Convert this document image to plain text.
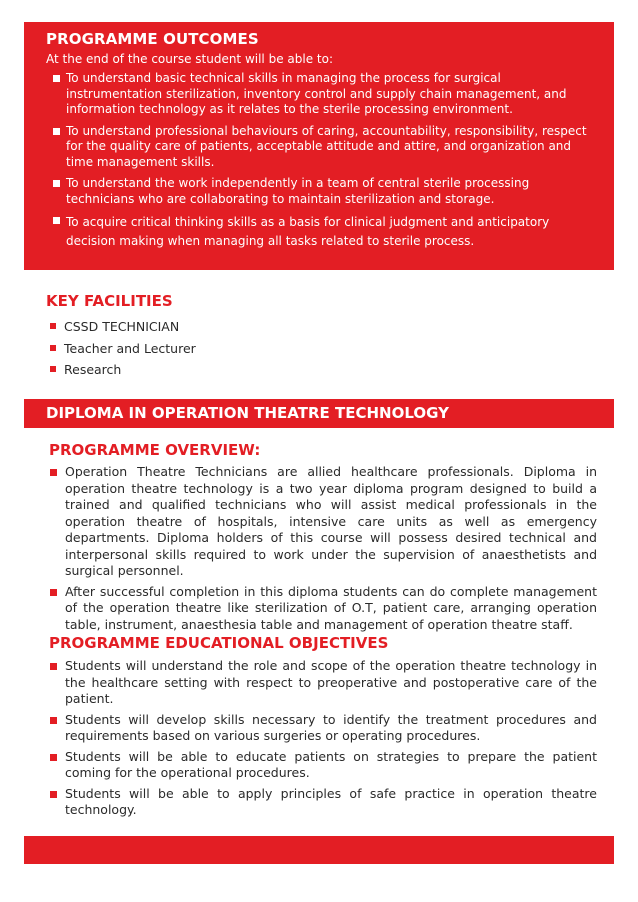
PROGRAMME OUTCOMES
At the end of the course student will be able to:
To understand basic technical skills in managing the process for surgical instrumentation sterilization, inventory control and supply chain management, and information technology as it relates to the sterile processing environment.
To understand professional behaviours of caring, accountability, responsibility, respect for the quality care of patients, acceptable attitude and attire, and organization and time management skills.
To understand the work independently in a team of central sterile processing technicians who are collaborating to maintain sterilization and storage.
To acquire critical thinking skills as a basis for clinical judgment and anticipatory decision making when managing all tasks related to sterile process.
KEY FACILITIES
CSSD TECHNICIAN
Teacher and Lecturer
Research
DIPLOMA IN OPERATION THEATRE TECHNOLOGY
PROGRAMME OVERVIEW:
Operation Theatre Technicians are allied healthcare professionals. Diploma in operation theatre technology is a two year diploma program designed to build a trained and qualified technicians who will assist medical professionals in the operation theatre of hospitals, intensive care units as well as emergency departments. Diploma holders of this course will possess desired technical and interpersonal skills required to work under the supervision of anaesthetists and surgical personnel.
After successful completion in this diploma students can do complete management of the operation theatre like sterilization of O.T, patient care, arranging operation table, instrument, anaesthesia table and management of operation theatre staff.
PROGRAMME EDUCATIONAL OBJECTIVES
Students will understand the role and scope of the operation theatre technology in the healthcare setting with respect to preoperative and postoperative care of the patient.
Students will develop skills necessary to identify the treatment procedures and requirements based on various surgeries or operating procedures.
Students will be able to educate patients on strategies to prepare the patient coming for the operational procedures.
Students will be able to apply principles of safe practice in operation theatre technology.
